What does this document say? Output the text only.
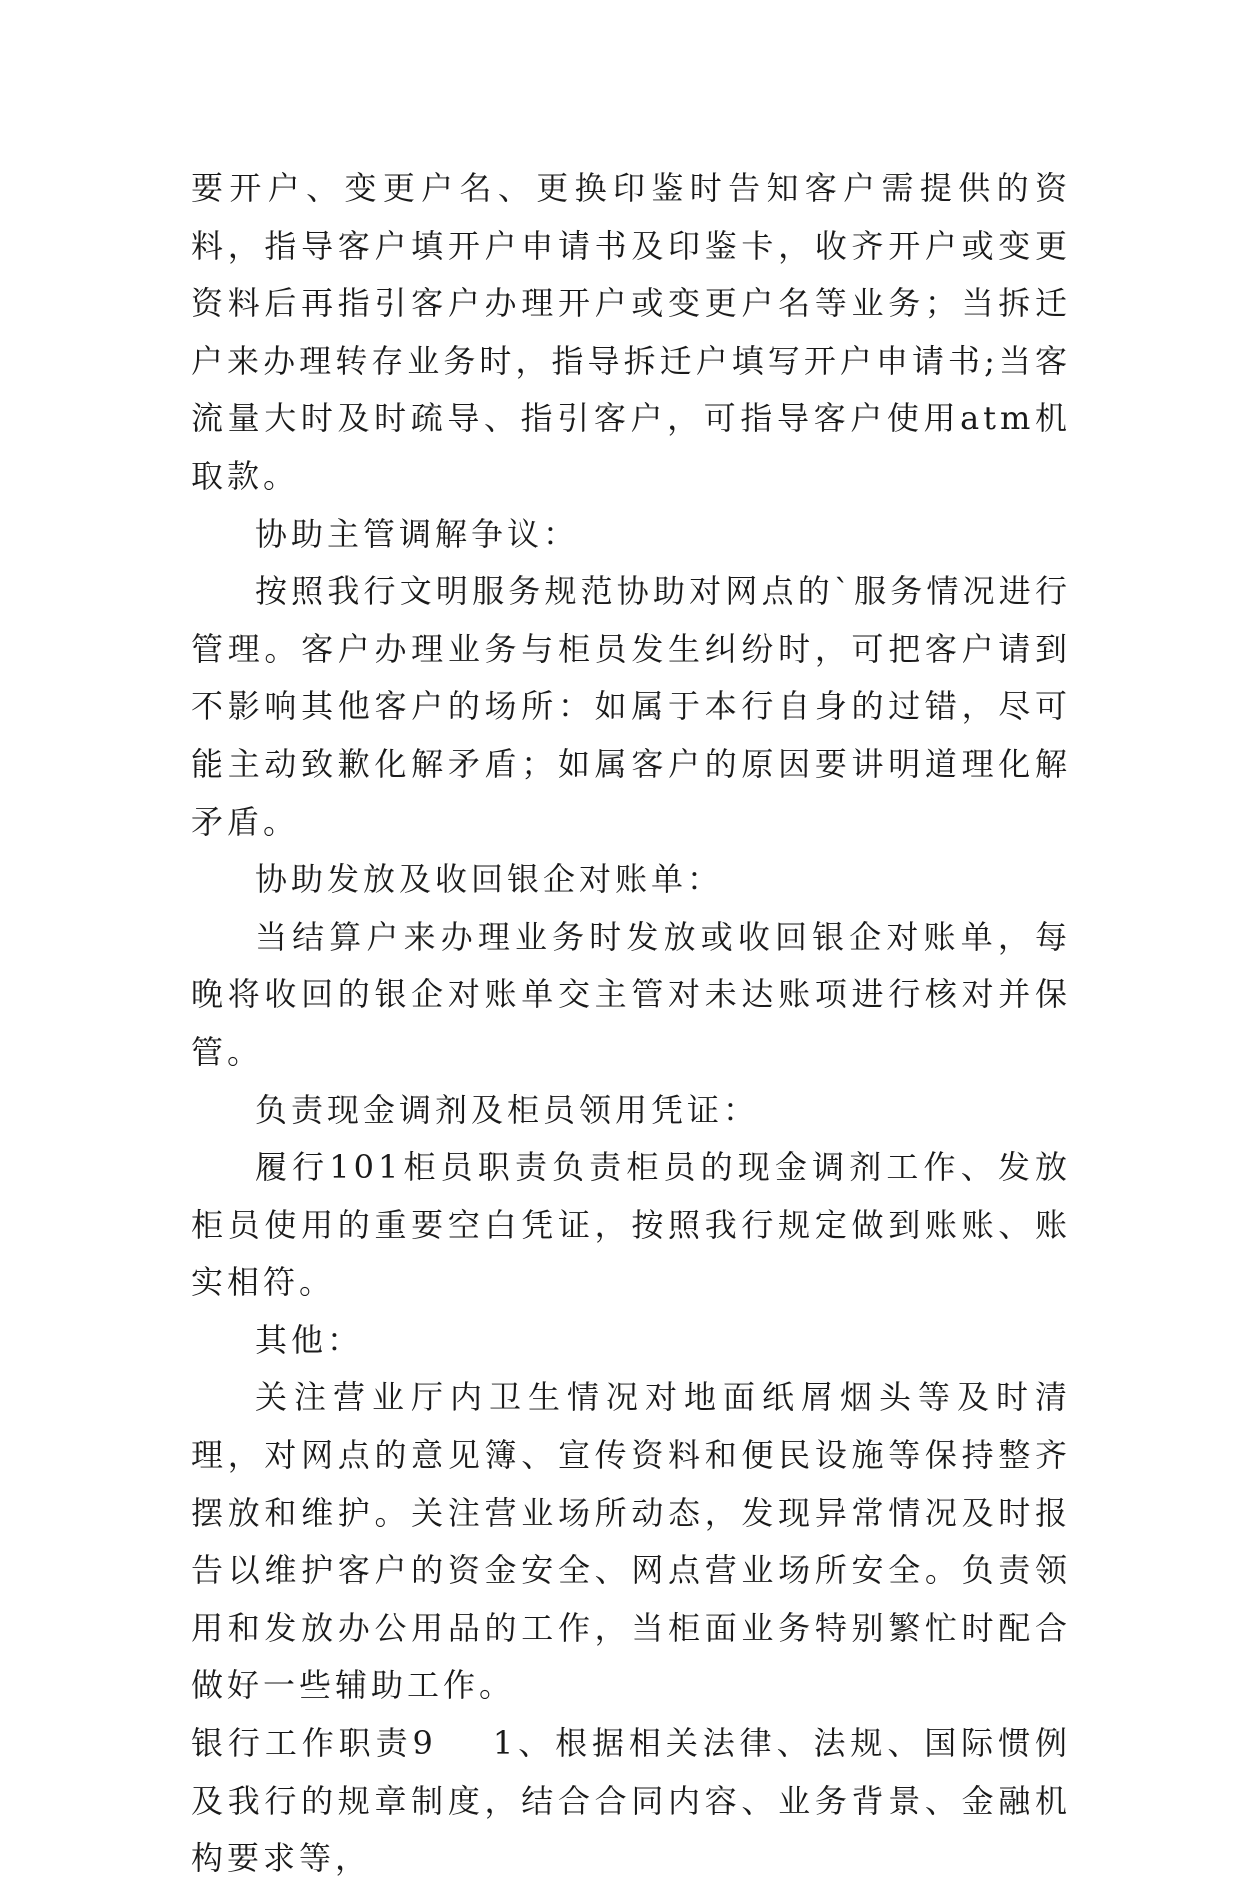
要开户、变更户名、更换印鉴时告知客户需提供的资料，指导客户填开户申请书及印鉴卡，收齐开户或变更资料后再指引客户办理开户或变更户名等业务；当拆迁户来办理转存业务时，指导拆迁户填写开户申请书;当客流量大时及时疏导、指引客户，可指导客户使用atm机取款。

协助主管调解争议：

按照我行文明服务规范协助对网点的`服务情况进行管理。客户办理业务与柜员发生纠纷时，可把客户请到不影响其他客户的场所：如属于本行自身的过错，尽可能主动致歉化解矛盾；如属客户的原因要讲明道理化解矛盾。

协助发放及收回银企对账单：

当结算户来办理业务时发放或收回银企对账单，每晚将收回的银企对账单交主管对未达账项进行核对并保管。

负责现金调剂及柜员领用凭证：

履行101柜员职责负责柜员的现金调剂工作、发放柜员使用的重要空白凭证，按照我行规定做到账账、账实相符。

其他：

关注营业厅内卫生情况对地面纸屑烟头等及时清理，对网点的意见簿、宣传资料和便民设施等保持整齐摆放和维护。关注营业场所动态，发现异常情况及时报告以维护客户的资金安全、网点营业场所安全。负责领用和发放办公用品的工作，当柜面业务特别繁忙时配合做好一些辅助工作。

银行工作职责9 1、根据相关法律、法规、国际惯例及我行的规章制度，结合合同内容、业务背景、金融机构要求等，
